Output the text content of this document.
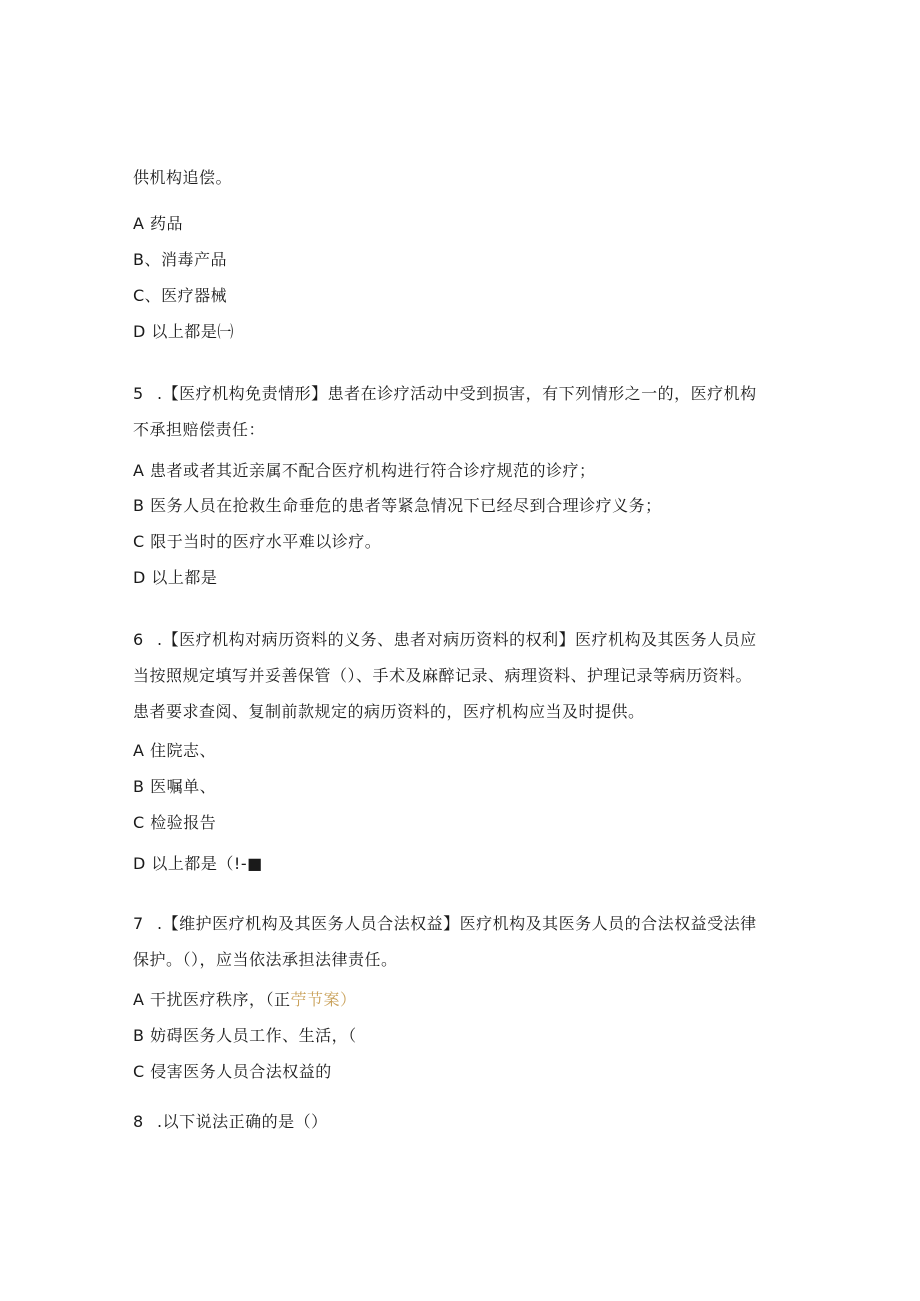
供机构追偿。
A 药品
B、消毒产品
C、医疗器械
D 以上都是㈠
5 .【医疗机构免责情形】患者在诊疗活动中受到损害，有下列情形之一的，医疗机构
不承担赔偿责任：
A 患者或者其近亲属不配合医疗机构进行符合诊疗规范的诊疗；
B 医务人员在抢救生命垂危的患者等紧急情况下已经尽到合理诊疗义务；
C 限于当时的医疗水平难以诊疗。
D 以上都是
6 .【医疗机构对病历资料的义务、患者对病历资料的权利】医疗机构及其医务人员应
当按照规定填写并妥善保管（）、手术及麻醉记录、病理资料、护理记录等病历资料。
患者要求查阅、复制前款规定的病历资料的，医疗机构应当及时提供。
A 住院志、
B 医嘱单、
C 检验报告
D 以上都是（!-■
7 .【维护医疗机构及其医务人员合法权益】医疗机构及其医务人员的合法权益受法律
保护。（），应当依法承担法律责任。
A 干扰医疗秩序，（正苧节案）
B 妨碍医务人员工作、生活，（
C 侵害医务人员合法权益的
8 .以下说法正确的是（）
